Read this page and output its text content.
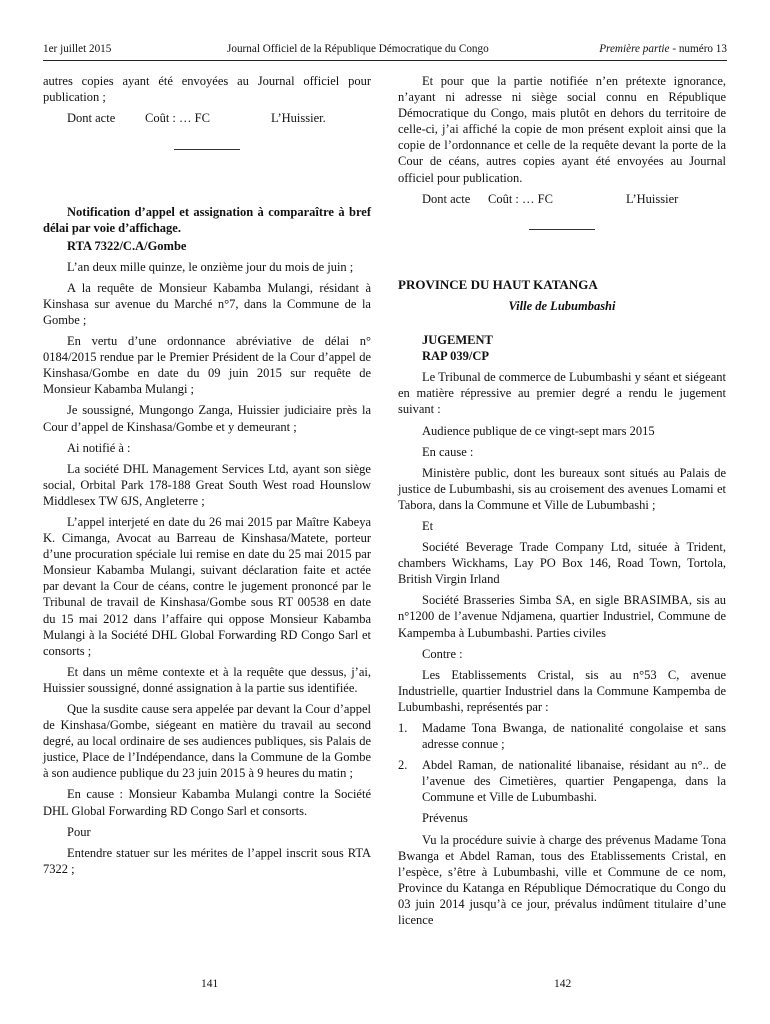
1er juillet 2015	Journal Officiel de la République Démocratique du Congo	Première partie - numéro 13

autres copies ayant été envoyées au Journal officiel pour publication ;

Dont acte	Coût : … FC	L’Huissier.

Notification d’appel et assignation à comparaître à bref délai par voie d’affichage.

RTA 7322/C.A/Gombe

L’an deux mille quinze, le onzième jour du mois de juin ;

A la requête de Monsieur Kabamba Mulangi, résidant à Kinshasa sur avenue du Marché n°7, dans la Commune de la Gombe ;

En vertu d’une ordonnance abréviative de délai n° 0184/2015 rendue par le Premier Président de la Cour d’appel de Kinshasa/Gombe en date du 09 juin 2015 sur requête de Monsieur Kabamba Mulangi ;

Je soussigné, Mungongo Zanga, Huissier judiciaire près la Cour d’appel de Kinshasa/Gombe et y demeurant ;

Ai notifié à :

La société DHL Management Services Ltd, ayant son siège social, Orbital Park 178-188 Great South West road Hounslow Middlesex TW 6JS, Angleterre ;

L’appel interjeté en date du 26 mai 2015 par Maître Kabeya K. Cimanga, Avocat au Barreau de Kinshasa/Matete, porteur d’une procuration spéciale lui remise en date du 25 mai 2015 par Monsieur Kabamba Mulangi, suivant déclaration faite et actée par devant la Cour de céans, contre le jugement prononcé par le Tribunal de travail de Kinshasa/Gombe sous RT 00538 en date du 15 mai 2012 dans l’affaire qui oppose Monsieur Kabamba Mulangi à la Société DHL Global Forwarding RD Congo Sarl et consorts ;

Et dans un même contexte et à la requête que dessus, j’ai, Huissier soussigné, donné assignation à la partie sus identifiée.

Que la susdite cause sera appelée par devant la Cour d’appel de Kinshasa/Gombe, siégeant en matière du travail au second degré, au local ordinaire de ses audiences publiques, sis Palais de justice, Place de l’Indépendance, dans la Commune de la Gombe à son audience publique du 23 juin 2015 à 9 heures du matin ;

En cause : Monsieur Kabamba Mulangi contre la Société DHL Global Forwarding RD Congo Sarl et consorts.

Pour

Entendre statuer sur les mérites de l’appel inscrit sous RTA 7322 ;

Et pour que la partie notifiée n’en prétexte ignorance, n’ayant ni adresse ni siège social connu en République Démocratique du Congo, mais plutôt en dehors du territoire de celle-ci, j’ai affiché la copie de mon présent exploit ainsi que la copie de l’ordonnance et celle de la requête devant la porte de la Cour de céans, autres copies ayant été envoyées au Journal officiel pour publication.

Dont acte	Coût : … FC	L’Huissier

PROVINCE DU HAUT KATANGA

Ville de Lubumbashi

JUGEMENT

RAP 039/CP

Le Tribunal de commerce de Lubumbashi y séant et siégeant en matière répressive au premier degré a rendu le jugement suivant :

Audience publique de ce vingt-sept mars 2015

En cause :

Ministère public, dont les bureaux sont situés au Palais de justice de Lubumbashi, sis au croisement des avenues Lomami et Tabora, dans la Commune et Ville de Lubumbashi ;

Et

Société Beverage Trade Company Ltd, située à Trident, chambers Wickhams, Lay PO Box 146, Road Town, Tortola, British Virgin Irland

Société Brasseries Simba SA, en sigle BRASIMBA, sis au n°1200 de l’avenue Ndjamena, quartier Industriel, Commune de Kampemba à Lubumbashi. Parties civiles

Contre :

Les Etablissements Cristal, sis au n°53 C, avenue Industrielle, quartier Industriel dans la Commune Kampemba de Lubumbashi, représentés par :

1.	Madame Tona Bwanga, de nationalité congolaise et sans adresse connue ;
2.	Abdel Raman, de nationalité libanaise, résidant au n°.. de l’avenue des Cimetières, quartier Pengapenga, dans la Commune et Ville de Lubumbashi.

Prévenus

Vu la procédure suivie à charge des prévenus Madame Tona Bwanga et Abdel Raman, tous des Etablissements Cristal, en l’espèce, s’être à Lubumbashi, ville et Commune de ce nom, Province du Katanga en République Démocratique du Congo du 03 juin 2014 jusqu’à ce jour, prévalus indûment titulaire d’une licence

141	142
